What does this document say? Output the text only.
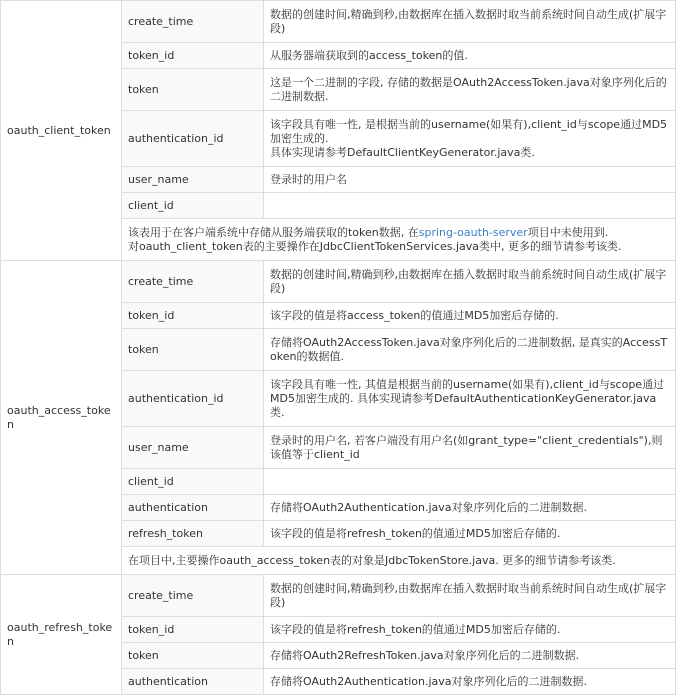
oauth_client_token	create_time	数据的创建时间,精确到秒,由数据库在插入数据时取当前系统时间自动生成(扩展字段)
	token_id	从服务器端获取到的access_token的值.
	token	这是一个二进制的字段, 存储的数据是OAuth2AccessToken.java对象序列化后的二进制数据.
	authentication_id	该字段具有唯一性, 是根据当前的username(如果有),client_id与scope通过MD5加密生成的.
具体实现请参考DefaultClientKeyGenerator.java类.
	user_name	登录时的用户名
	client_id	
	该表用于在客户端系统中存储从服务端获取的token数据, 在spring-oauth-server项目中未使用到.
对oauth_client_token表的主要操作在JdbcClientTokenServices.java类中, 更多的细节请参考该类.	
oauth_access_token	create_time	数据的创建时间,精确到秒,由数据库在插入数据时取当前系统时间自动生成(扩展字段)
	token_id	该字段的值是将access_token的值通过MD5加密后存储的.
	token	存储将OAuth2AccessToken.java对象序列化后的二进制数据, 是真实的AccessToken的数据值.
	authentication_id	该字段具有唯一性, 其值是根据当前的username(如果有),client_id与scope通过MD5加密生成的. 具体实现请参考DefaultAuthenticationKeyGenerator.java类.
	user_name	登录时的用户名, 若客户端没有用户名(如grant_type="client_credentials"),则该值等于client_id
	client_id	
	authentication	存储将OAuth2Authentication.java对象序列化后的二进制数据.
	refresh_token	该字段的值是将refresh_token的值通过MD5加密后存储的.
	在项目中,主要操作oauth_access_token表的对象是JdbcTokenStore.java. 更多的细节请参考该类.	
oauth_refresh_token	create_time	数据的创建时间,精确到秒,由数据库在插入数据时取当前系统时间自动生成(扩展字段)
	token_id	该字段的值是将refresh_token的值通过MD5加密后存储的.
	token	存储将OAuth2RefreshToken.java对象序列化后的二进制数据.
	authentication	存储将OAuth2Authentication.java对象序列化后的二进制数据.
